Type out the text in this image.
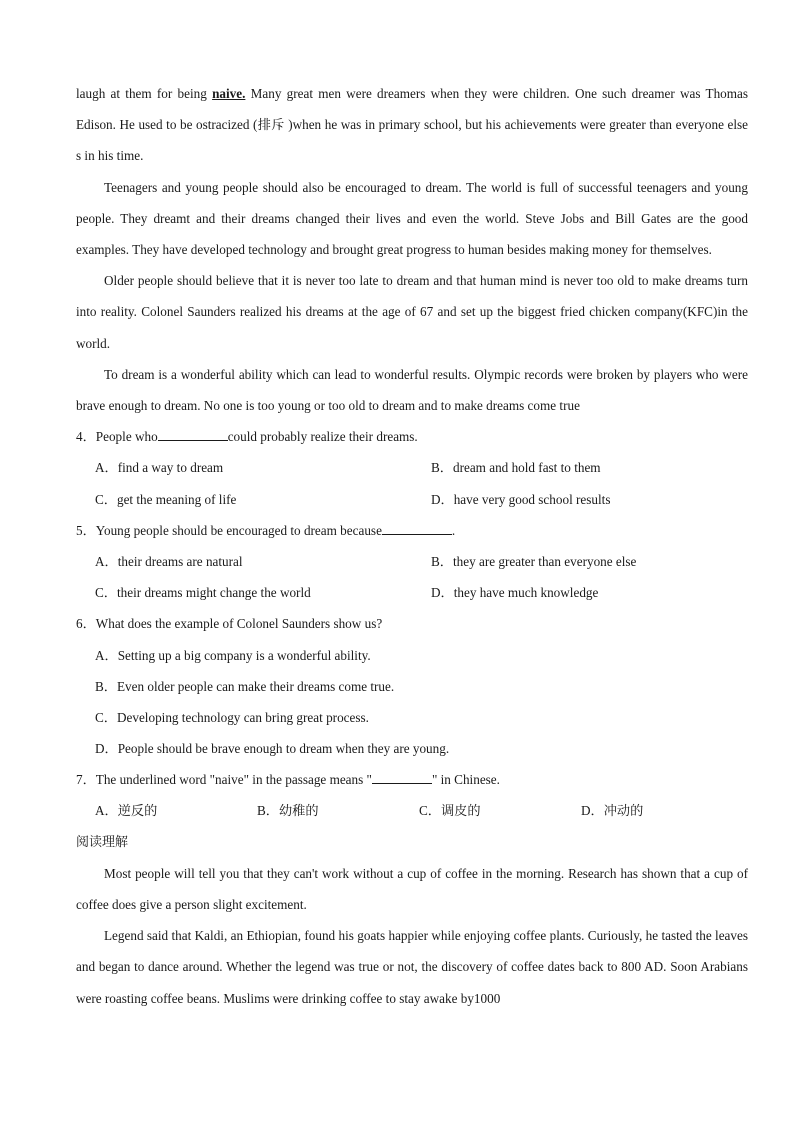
laugh at them for being naive. Many great men were dreamers when they were children. One such dreamer was Thomas Edison. He used to be ostracized (排斥 )when he was in primary school, but his achievements were greater than everyone else s in his time.

Teenagers and young people should also be encouraged to dream. The world is full of successful teenagers and young people. They dreamt and their dreams changed their lives and even the world. Steve Jobs and Bill Gates are the good examples. They have developed technology and brought great progress to human besides making money for themselves.

Older people should believe that it is never too late to dream and that human mind is never too old to make dreams turn into reality. Colonel Saunders realized his dreams at the age of 67 and set up the biggest fried chicken company(KFC)in the world.

To dream is a wonderful ability which can lead to wonderful results. Olympic records were broken by players who were brave enough to dream. No one is too young or too old to dream and to make dreams come true

4．People who	could probably realize their dreams.
A．find a way to dream	B．dream and hold fast to them
C．get the meaning of life	D．have very good school results
5．Young people should be encouraged to dream because	.
A．their dreams are natural	B．they are greater than everyone else
C．their dreams might change the world	D．they have much knowledge
6．What does the example of Colonel Saunders show us?
A．Setting up a big company is a wonderful ability.
B．Even older people can make their dreams come true.
C．Developing technology can bring great process.
D．People should be brave enough to dream when they are young.
7．The underlined word "naive" in the passage means "	" in Chinese.
A．逆反的	B．幼稚的	C．调皮的	D．冲动的
阅读理解

Most people will tell you that they can't work without a cup of coffee in the morning. Research has shown that a cup of coffee does give a person slight excitement.

Legend said that Kaldi, an Ethiopian, found his goats happier while enjoying coffee plants. Curiously, he tasted the leaves and began to dance around. Whether the legend was true or not, the discovery of coffee dates back to 800 AD. Soon Arabians were roasting coffee beans. Muslims were drinking coffee to stay awake by1000
